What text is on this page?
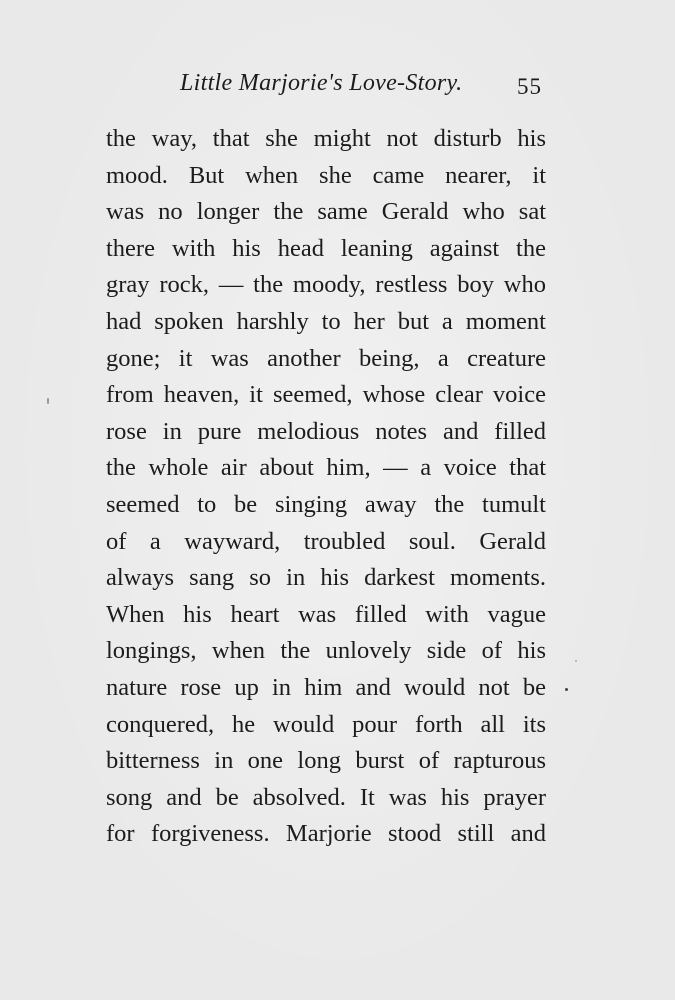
Little Marjorie's Love-Story. 55
the way, that she might not disturb his
mood. But when she came nearer, it
was no longer the same Gerald who sat
there with his head leaning against the
gray rock, — the moody, restless boy who
had spoken harshly to her but a moment
gone; it was another being, a creature
from heaven, it seemed, whose clear voice
rose in pure melodious notes and filled
the whole air about him, — a voice that
seemed to be singing away the tumult
of a wayward, troubled soul. Gerald
always sang so in his darkest moments.
When his heart was filled with vague
longings, when the unlovely side of his
nature rose up in him and would not be
conquered, he would pour forth all its
bitterness in one long burst of rapturous
song and be absolved. It was his prayer
for forgiveness. Marjorie stood still and
